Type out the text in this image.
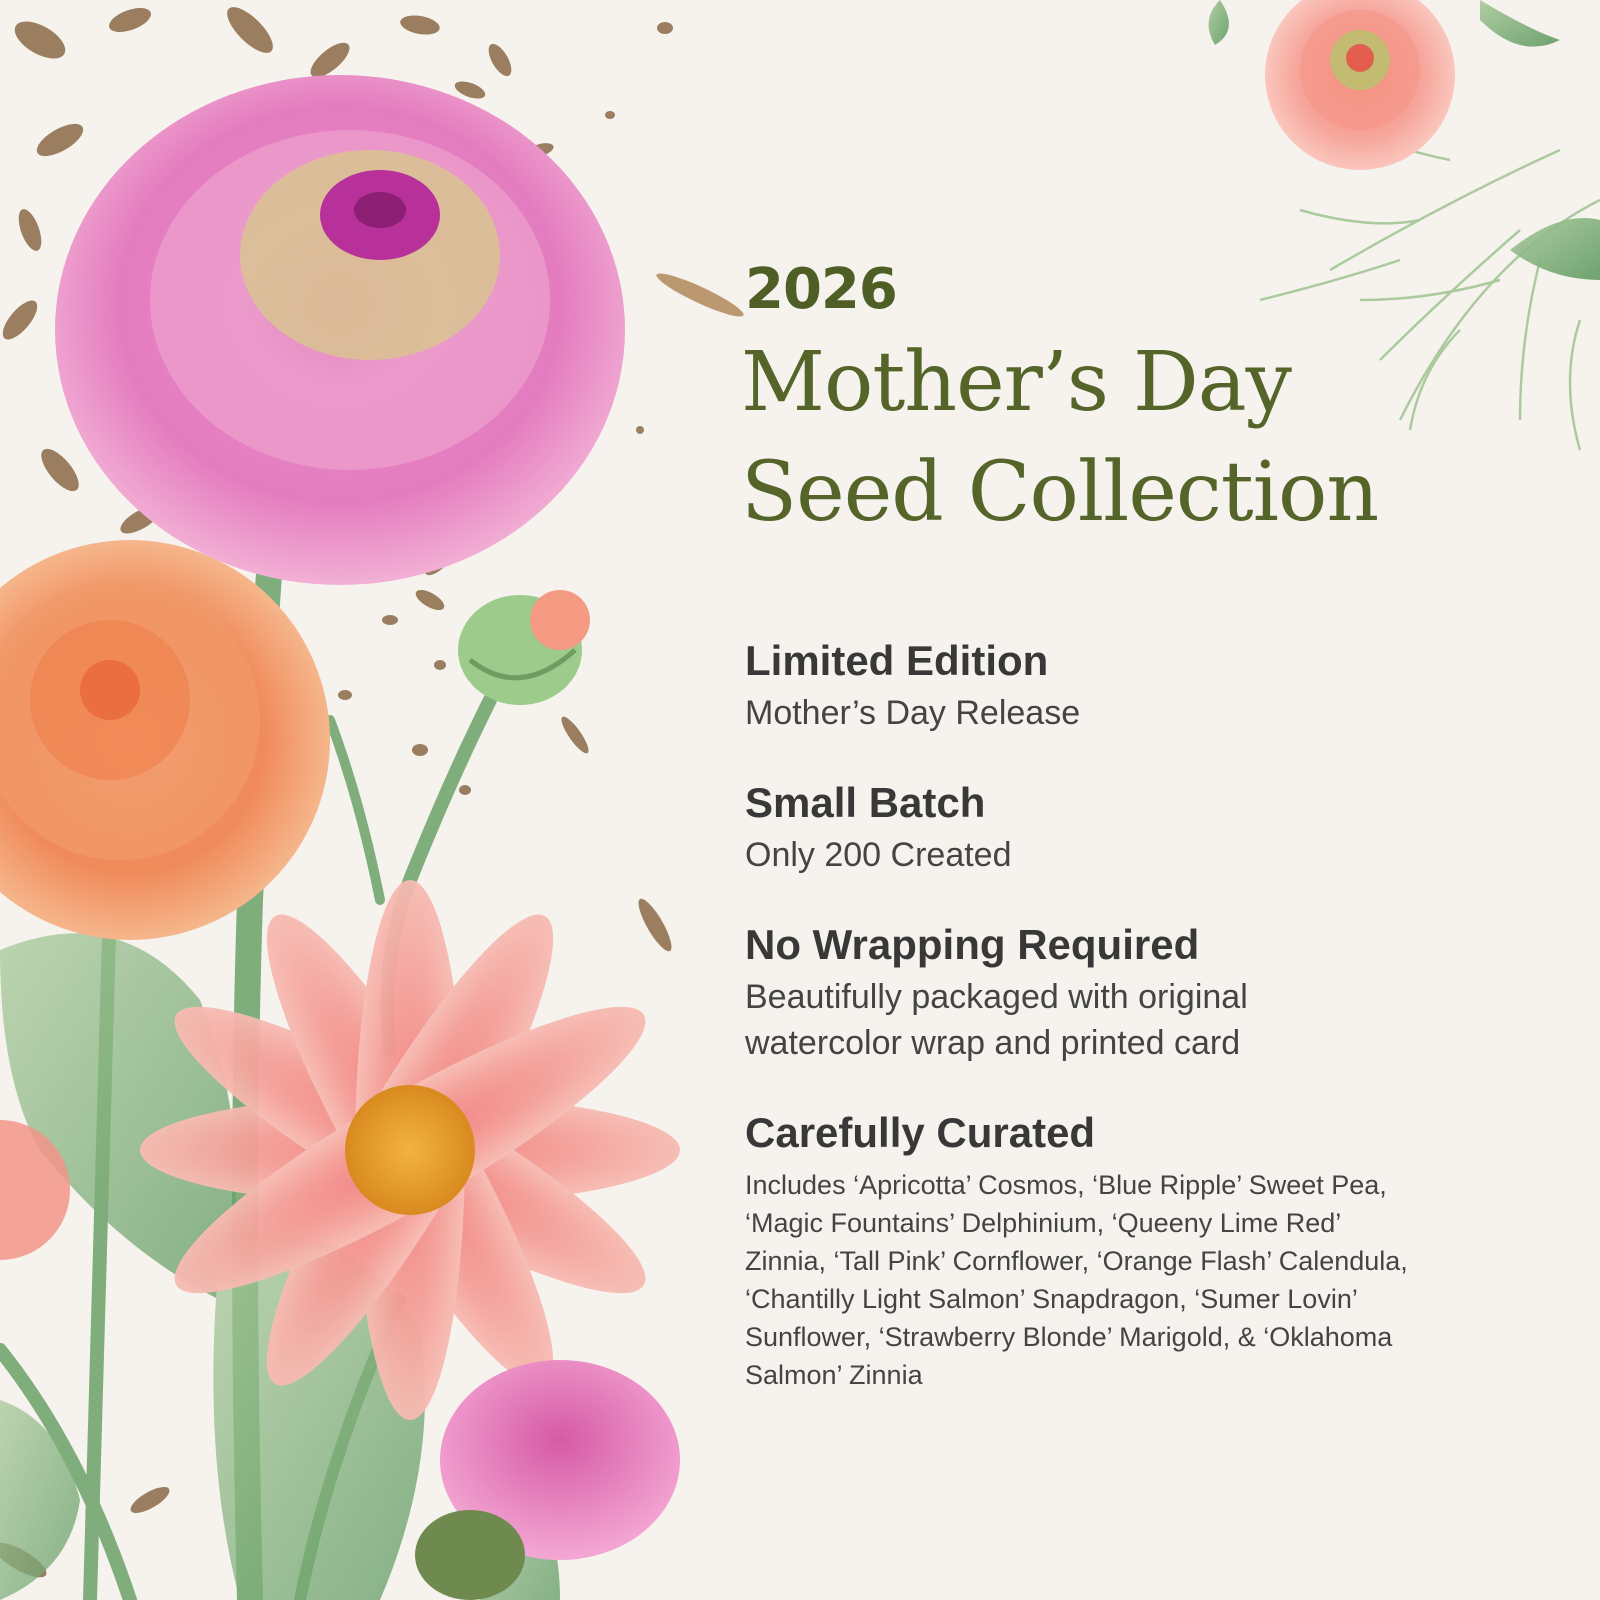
2026
Mother’s Day
Seed Collection
Limited Edition

Mother’s Day Release

Small Batch

Only 200 Created

No Wrapping Required

Beautifully packaged with original watercolor wrap and printed card

Carefully Curated

Includes ‘Apricotta’ Cosmos, ‘Blue Ripple’ Sweet Pea, ‘Magic Fountains’ Delphinium, ‘Queeny Lime Red’ Zinnia, ‘Tall Pink’ Cornflower, ‘Orange Flash’ Calendula, ‘Chantilly Light Salmon’ Snapdragon, ‘Sumer Lovin’ Sunflower, ‘Strawberry Blonde’ Marigold, & ‘Oklahoma Salmon’ Zinnia
